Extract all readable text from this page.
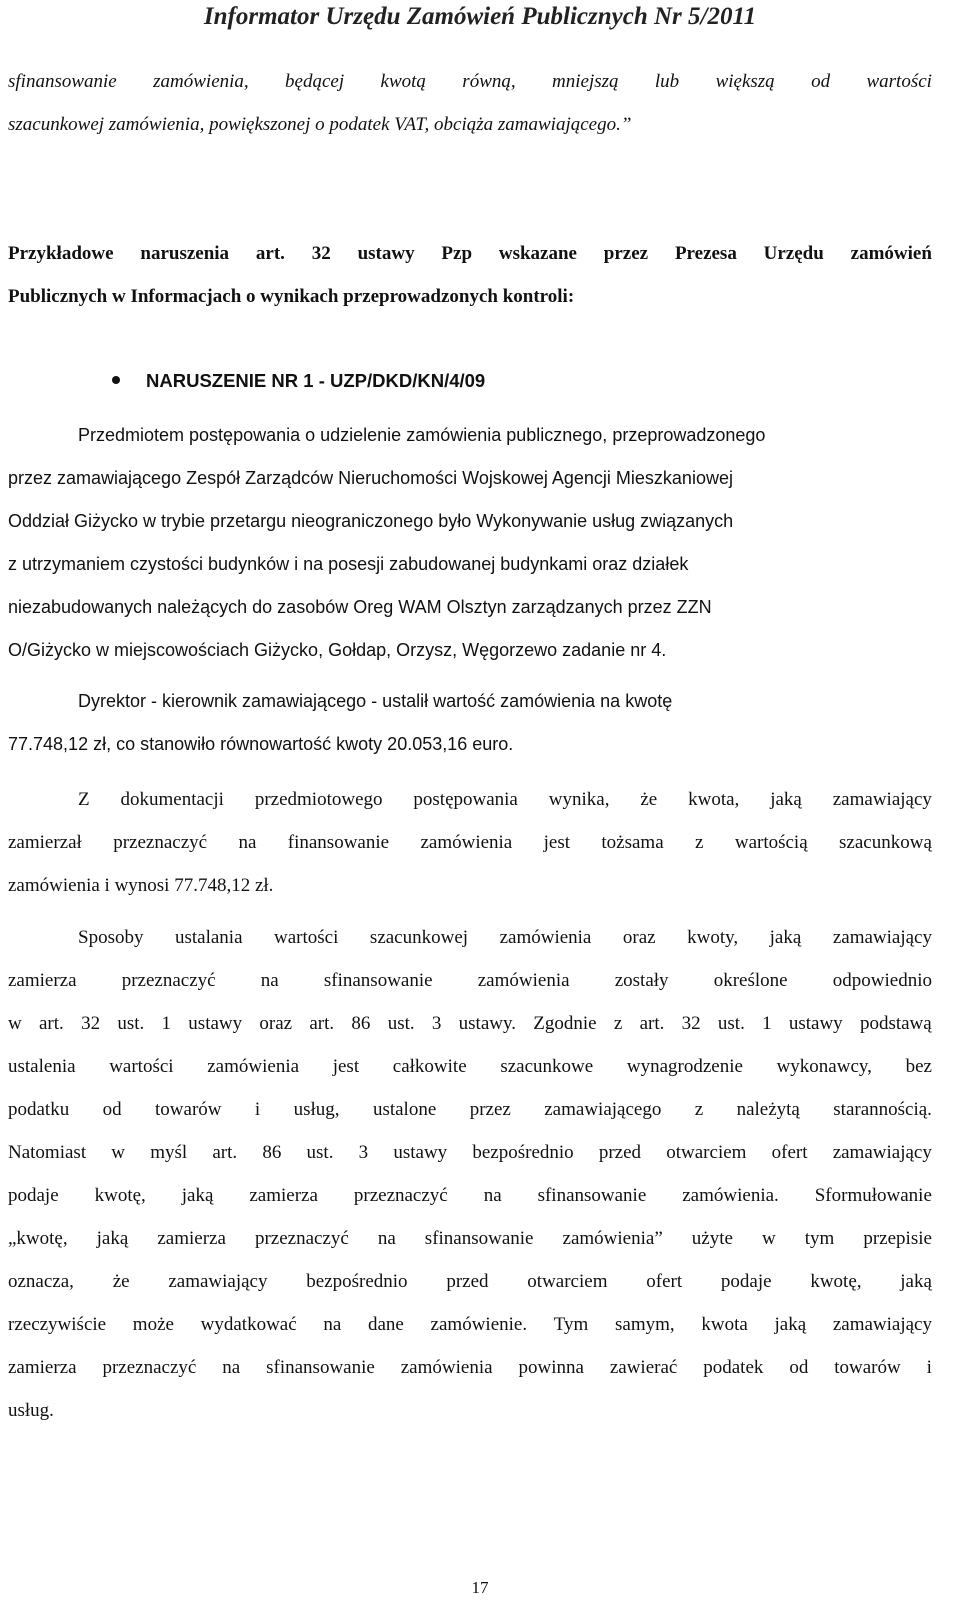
Informator Urzędu Zamówień Publicznych Nr 5/2011
sfinansowanie zamówienia, będącej kwotą równą, mniejszą lub większą od wartości
szacunkowej zamówienia, powiększonej o podatek VAT, obciąża zamawiającego.”
Przykładowe naruszenia art. 32 ustawy Pzp wskazane przez Prezesa Urzędu zamówień
Publicznych w Informacjach o wynikach przeprowadzonych kontroli:
NARUSZENIE NR 1 - UZP/DKD/KN/4/09
Przedmiotem postępowania o udzielenie zamówienia publicznego, przeprowadzonego
przez zamawiającego Zespół Zarządców Nieruchomości Wojskowej Agencji Mieszkaniowej
Oddział Giżycko w trybie przetargu nieograniczonego było Wykonywanie usług związanych
z utrzymaniem czystości budynków i na posesji zabudowanej budynkami oraz działek
niezabudowanych należących do zasobów Oreg WAM Olsztyn zarządzanych przez ZZN
O/Giżycko w miejscowościach Giżycko, Gołdap, Orzysz, Węgorzewo zadanie nr 4.
Dyrektor - kierownik zamawiającego - ustalił wartość zamówienia na kwotę
77.748,12 zł, co stanowiło równowartość kwoty 20.053,16 euro.
Z dokumentacji przedmiotowego postępowania wynika, że kwota, jaką zamawiający
zamierzał przeznaczyć na finansowanie zamówienia jest tożsama z wartością szacunkową
zamówienia i wynosi 77.748,12 zł.
Sposoby ustalania wartości szacunkowej zamówienia oraz kwoty, jaką zamawiający
zamierza przeznaczyć na sfinansowanie zamówienia zostały określone odpowiednio
w art. 32 ust. 1 ustawy oraz art. 86 ust. 3 ustawy. Zgodnie z art. 32 ust. 1 ustawy podstawą
ustalenia wartości zamówienia jest całkowite szacunkowe wynagrodzenie wykonawcy, bez
podatku od towarów i usług, ustalone przez zamawiającego z należytą starannością.
Natomiast w myśl art. 86 ust. 3 ustawy bezpośrednio przed otwarciem ofert zamawiający
podaje kwotę, jaką zamierza przeznaczyć na sfinansowanie zamówienia. Sformułowanie
„kwotę, jaką zamierza przeznaczyć na sfinansowanie zamówienia” użyte w tym przepisie
oznacza, że zamawiający bezpośrednio przed otwarciem ofert podaje kwotę, jaką
rzeczywiście może wydatkować na dane zamówienie. Tym samym, kwota jaką zamawiający
zamierza przeznaczyć na sfinansowanie zamówienia powinna zawierać podatek od towarów i
usług.
17
